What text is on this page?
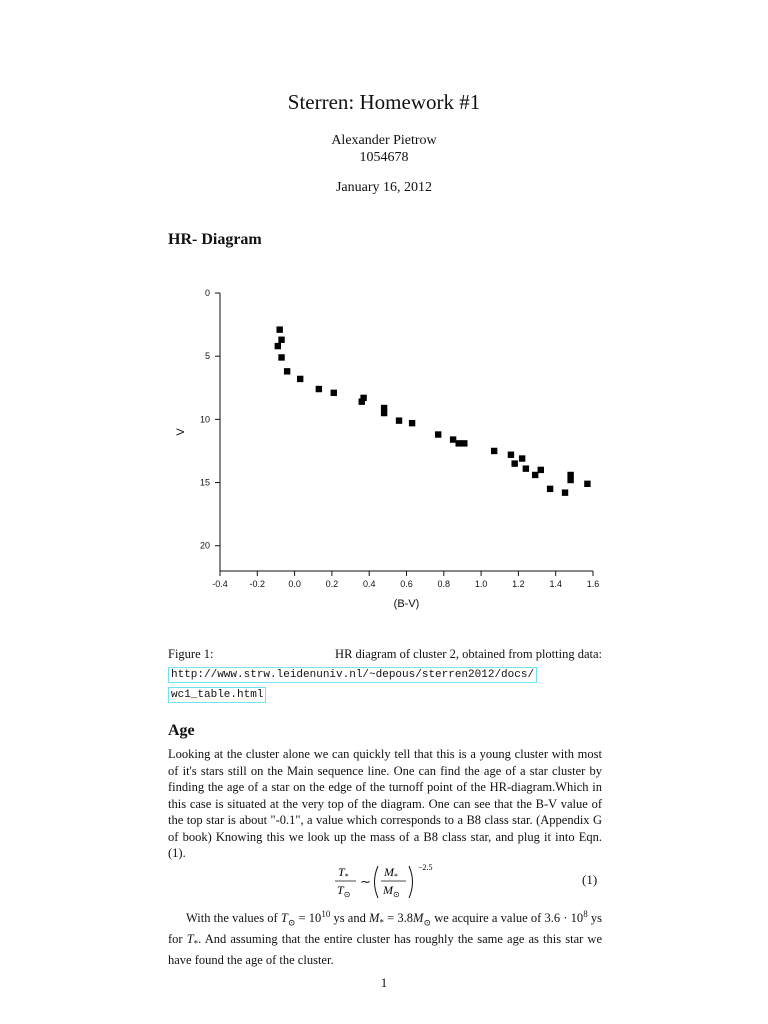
Sterren: Homework #1
Alexander Pietrow
1054678
January 16, 2012
HR- Diagram
0
5
10
15
20
-0.4 -0.2	0.0	0.2	0.4	0.6	0.8	1.0	1.2	1.4	1.6
(B-V)
V
Figure 1:	HR diagram of cluster 2, obtained from plotting data:
http://www.strw.leidenuniv.nl/~depous/sterren2012/docs/
wc1_table.html
Age
Looking at the cluster alone we can quickly tell that this is a young cluster with most of it's stars still on the Main sequence line. One can find the age of a star cluster by finding the age of a star on the edge of the turnoff point of the HR-diagram.Which in this case is situated at the very top of the diagram. One can see that the B-V value of the top star is about "-0.1", a value which corresponds to a B8 class star. (Appendix G of book) Knowing this we look up the mass of a B8 class star, and plug it into Eqn. (1).
$T_*$
$T_⊙$
∼
$M_*$
$M_⊙$
−2.5
(1)
With the values of $T_⊙ = 10^{10}$ ys and $M_* = 3.8M_⊙$ we acquire a value of $3.6 \cdot 10^8$ ys for $T_*$. And assuming that the entire cluster has roughly the same age as this star we have found the age of the cluster.
1
